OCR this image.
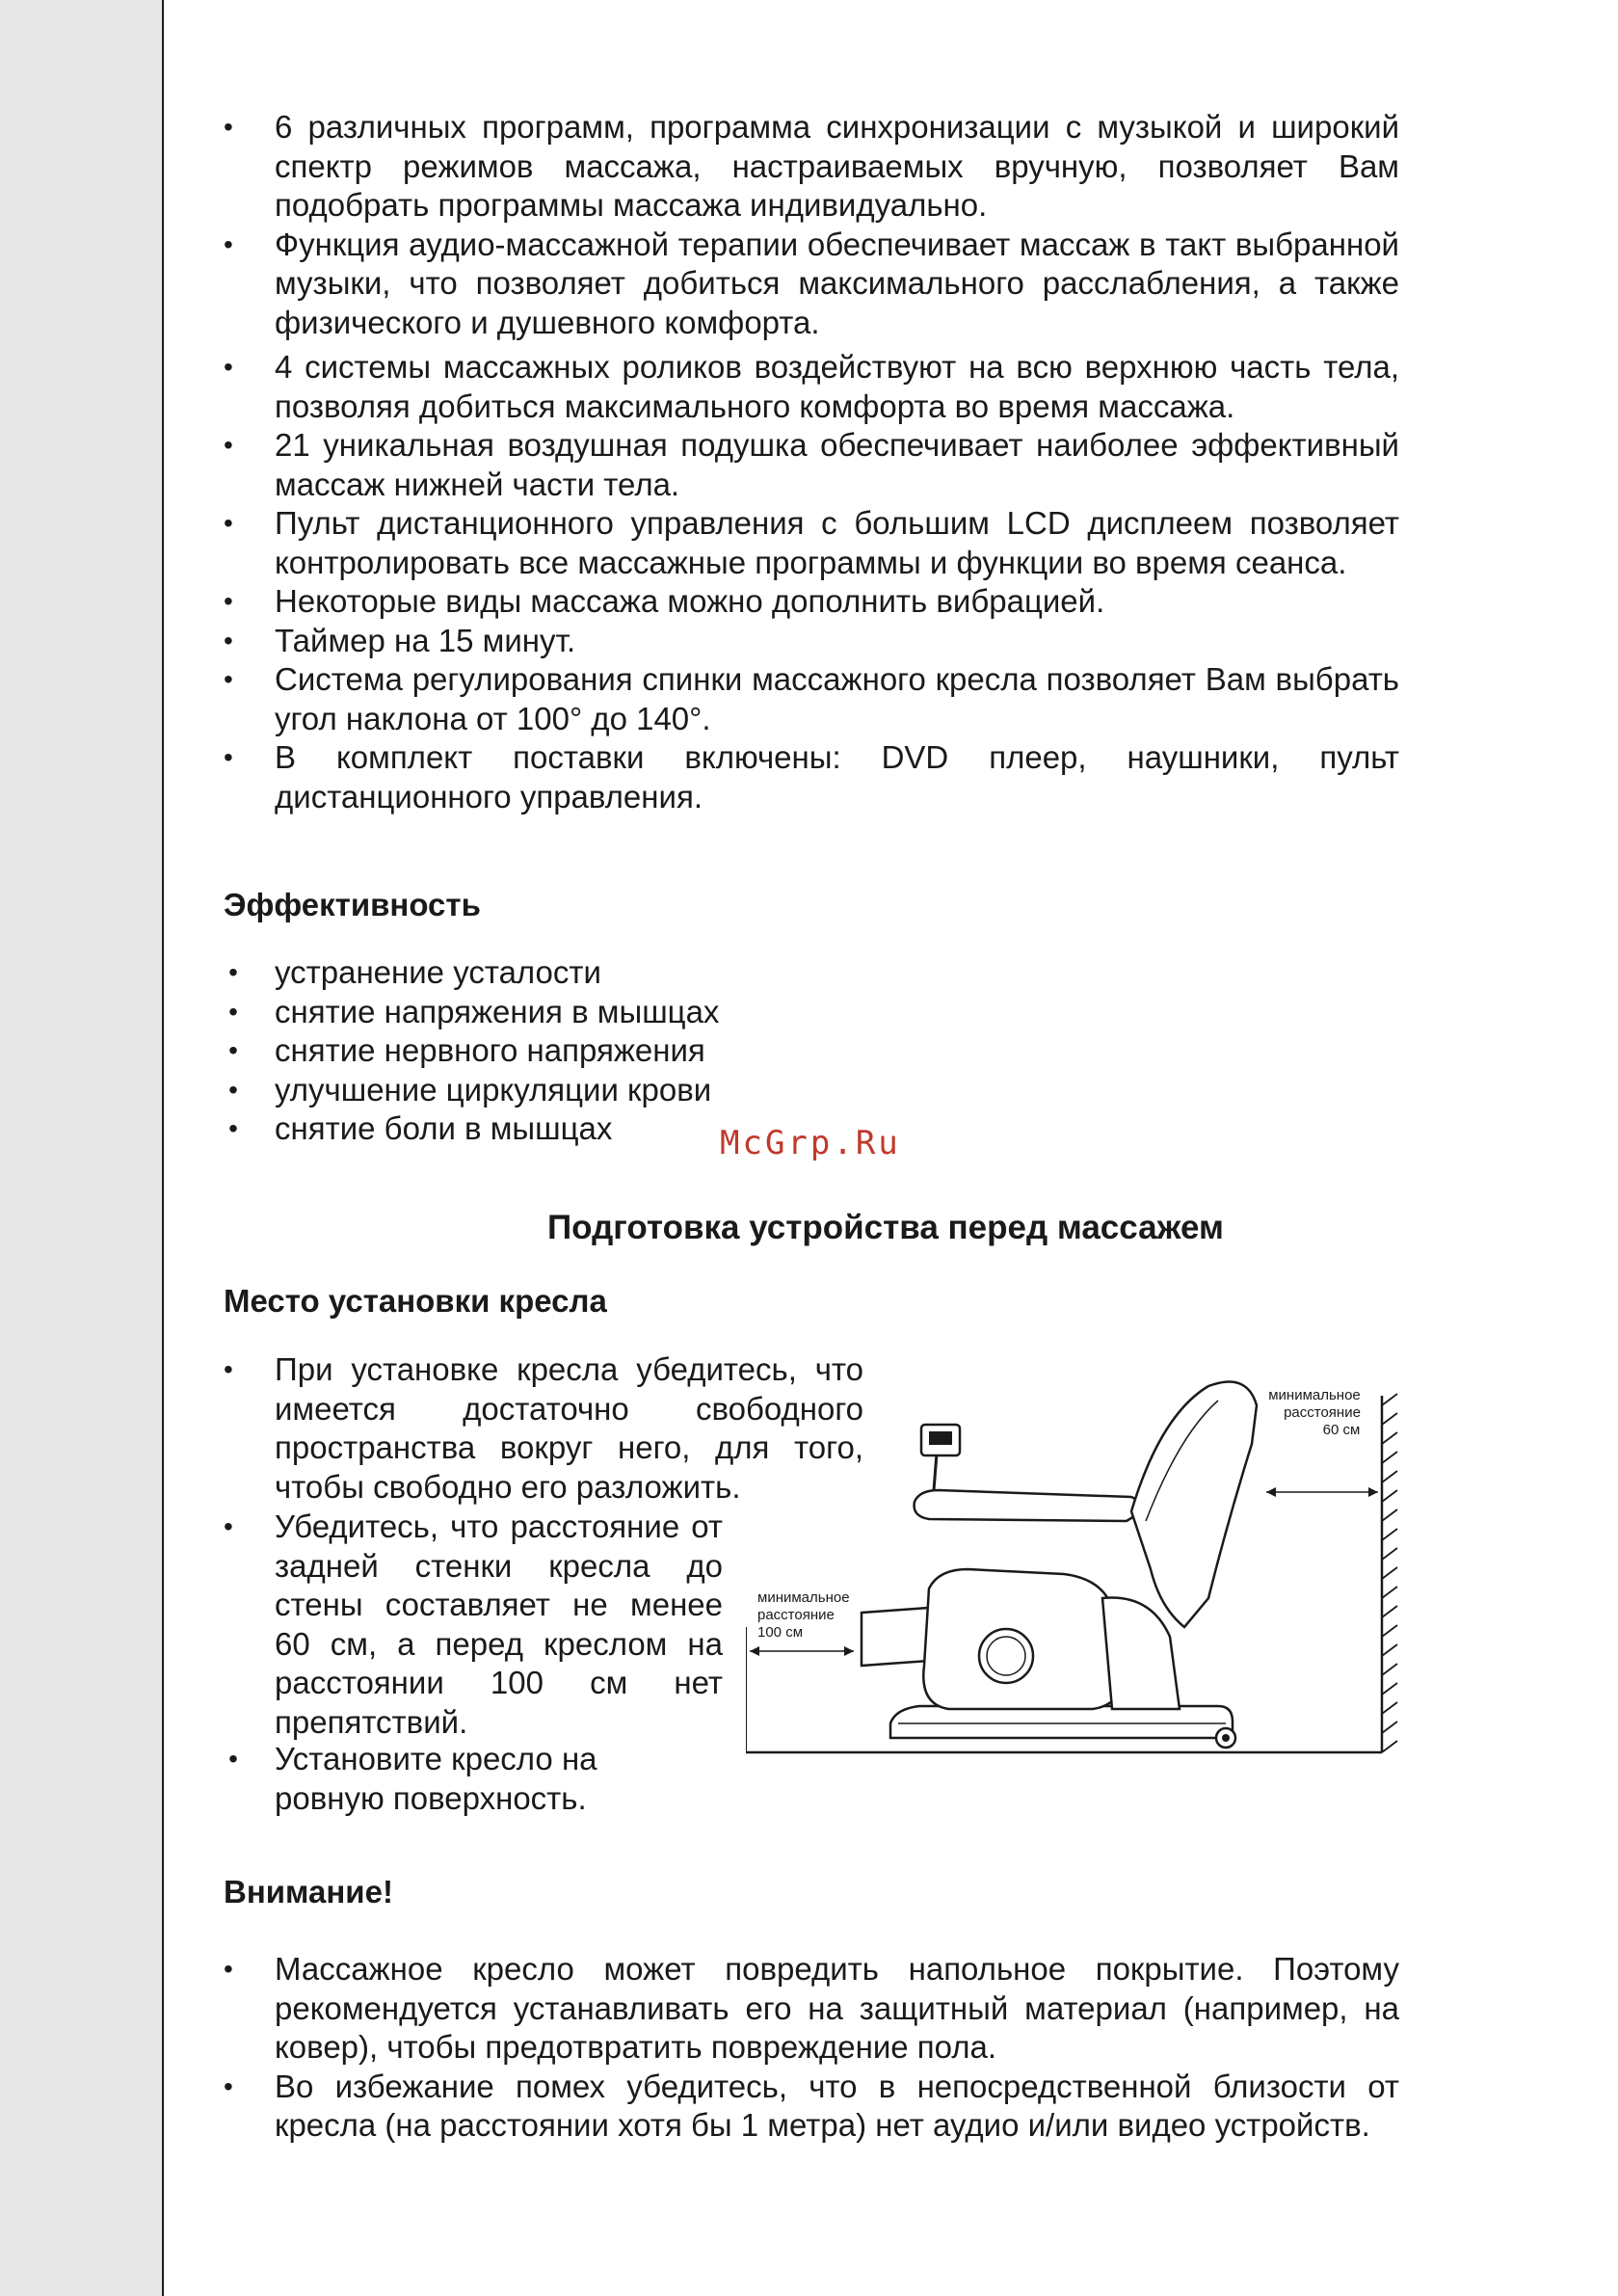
•	6 различных программ, программа синхронизации с музыкой и широкий спектр режимов массажа, настраиваемых вручную, позволяет Вам подобрать программы массажа индивидуально.
•	Функция аудио-массажной терапии обеспечивает массаж в такт выбранной музыки, что позволяет добиться максимального расслабления, а также физического и душевного комфорта.
•	4 системы массажных роликов воздействуют на всю верхнюю часть тела, позволяя добиться максимального комфорта во время массажа.
•	21 уникальная воздушная подушка обеспечивает наиболее эффективный массаж нижней части тела.
•	Пульт дистанционного управления с большим LCD дисплеем позволяет контролировать все массажные программы и функции во время сеанса.
•	Некоторые виды массажа можно дополнить вибрацией.
•	Таймер на 15 минут.
•	Система регулирования спинки массажного кресла позволяет Вам выбрать угол наклона от 100° до 140°.
•	В комплект поставки включены: DVD плеер, наушники, пульт дистанционного управления.
Эффективность
• устранение усталости
• снятие напряжения в мышцах
• снятие нервного напряжения
• улучшение циркуляции крови
• снятие боли в мышцах	McGrp.Ru
Подготовка устройства перед массажем
Место установки кресла
•	При установке кресла убедитесь, что имеется достаточно свободного пространства вокруг него, для того, чтобы свободно его разложить.
•	Убедитесь, что расстояние от задней стенки кресла до стены составляет не менее 60 см, а перед креслом на расстоянии 100 см нет препятствий.
• Установите кресло на ровную поверхность.
минимальное
расстояние
60 см
минимальное
расстояние
100 см
Внимание!
•	Массажное кресло может повредить напольное покрытие. Поэтому рекомендуется устанавливать его на защитный материал (например, на ковер), чтобы предотвратить повреждение пола.
•	Во избежание помех убедитесь, что в непосредственной близости от кресла (на расстоянии хотя бы 1 метра) нет аудио и/или видео устройств.
